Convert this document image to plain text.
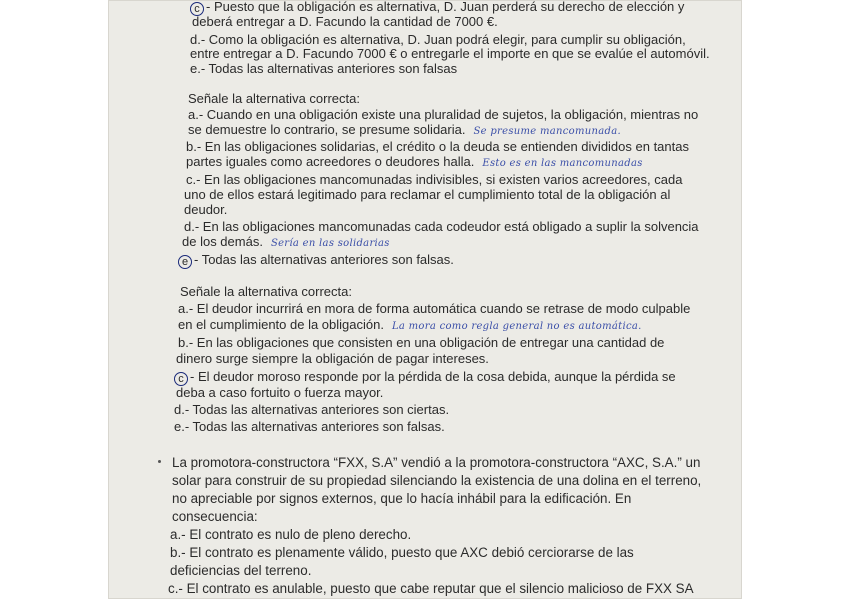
c - Puesto que la obligación es alternativa, D. Juan perderá su derecho de elección y
deberá entregar a D. Facundo la cantidad de 7000 €.
d.- Como la obligación es alternativa, D. Juan podrá elegir, para cumplir su obligación,
entre entregar a D. Facundo 7000 € o entregarle el importe en que se evalúe el automóvil.
e.- Todas las alternativas anteriores son falsas
Señale la alternativa correcta:
a.- Cuando en una obligación existe una pluralidad de sujetos, la obligación, mientras no
se demuestre lo contrario, se presume solidaria. Se presume mancomunada.
b.- En las obligaciones solidarias, el crédito o la deuda se entienden divididos en tantas
partes iguales como acreedores o deudores halla. Esto es en las mancomunadas
c.- En las obligaciones mancomunadas indivisibles, si existen varios acreedores, cada
uno de ellos estará legitimado para reclamar el cumplimiento total de la obligación al
deudor.
d.- En las obligaciones mancomunadas cada codeudor está obligado a suplir la solvencia
de los demás. Sería en las solidarias
e - Todas las alternativas anteriores son falsas.
Señale la alternativa correcta:
a.- El deudor incurrirá en mora de forma automática cuando se retrase de modo culpable
en el cumplimiento de la obligación. La mora como regla general no es automática.
b.- En las obligaciones que consisten en una obligación de entregar una cantidad de
dinero surge siempre la obligación de pagar intereses.
c - El deudor moroso responde por la pérdida de la cosa debida, aunque la pérdida se
deba a caso fortuito o fuerza mayor.
d.- Todas las alternativas anteriores son ciertas.
e.- Todas las alternativas anteriores son falsas.
La promotora-constructora “FXX, S.A” vendió a la promotora-constructora “AXC, S.A.” un
solar para construir de su propiedad silenciando la existencia de una dolina en el terreno,
no apreciable por signos externos, que lo hacía inhábil para la edificación. En
consecuencia:
a.- El contrato es nulo de pleno derecho.
b.- El contrato es plenamente válido, puesto que AXC debió cerciorarse de las
deficiencias del terreno.
c.- El contrato es anulable, puesto que cabe reputar que el silencio malicioso de FXX SA
